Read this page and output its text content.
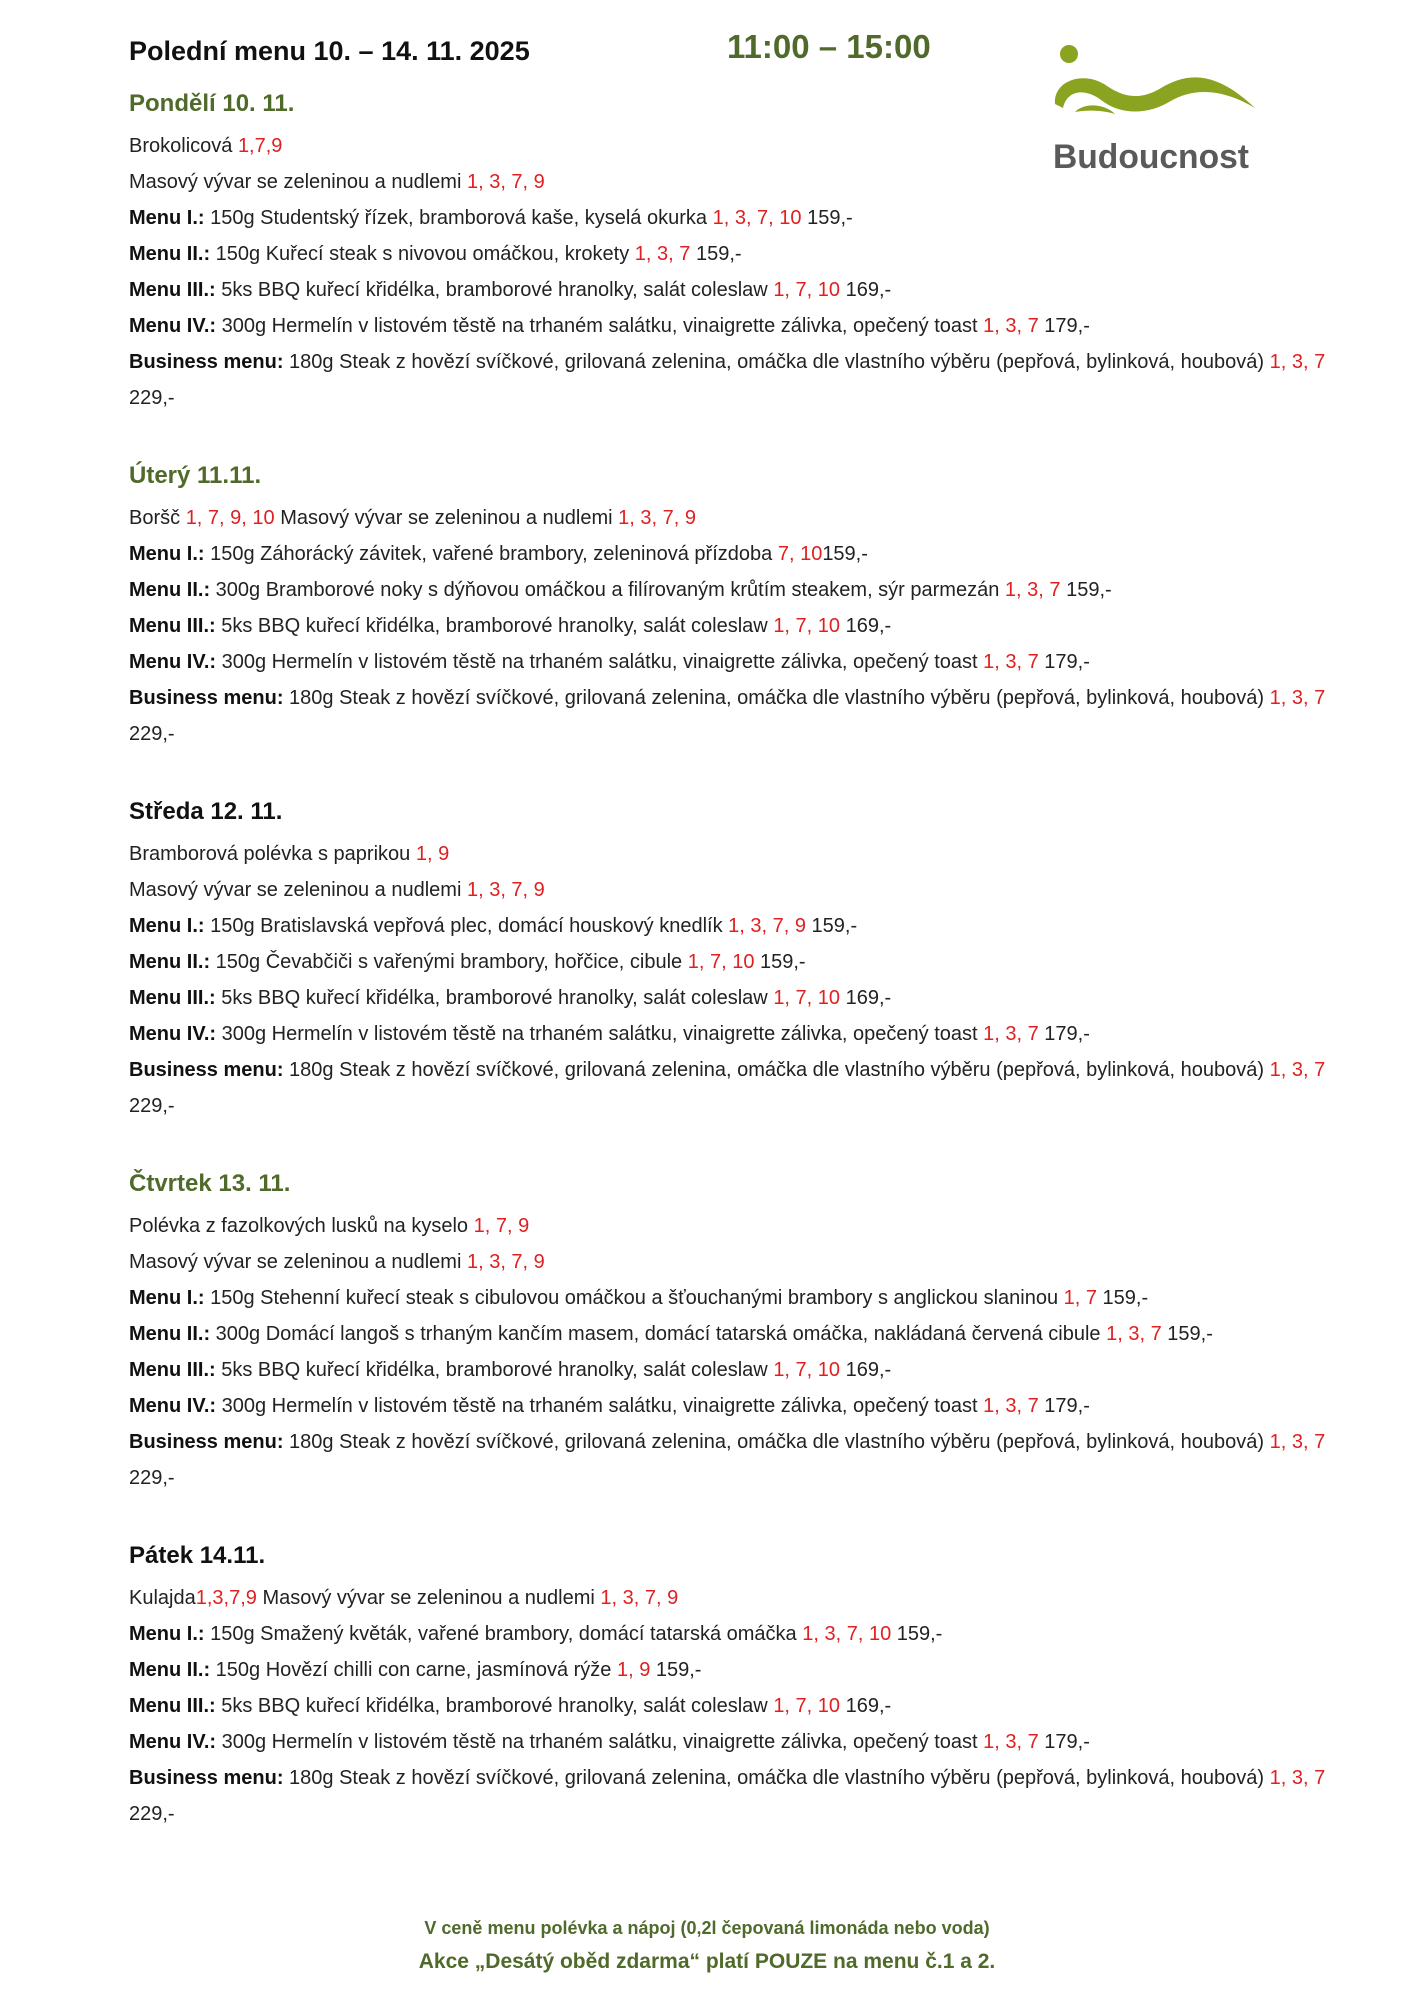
Polední menu 10. – 14. 11. 2025	11:00 – 15:00
Budoucnost
Pondělí 10. 11.
Brokolicová 1,7,9
Masový vývar se zeleninou a nudlemi 1, 3, 7, 9
Menu I.: 150g Studentský řízek, bramborová kaše, kyselá okurka 1, 3, 7, 10 159,-
Menu II.: 150g Kuřecí steak s nivovou omáčkou, krokety 1, 3, 7 159,-
Menu III.: 5ks BBQ kuřecí křidélka, bramborové hranolky, salát coleslaw 1, 7, 10 169,-
Menu IV.: 300g Hermelín v listovém těstě na trhaném salátku, vinaigrette zálivka, opečený toast 1, 3, 7 179,-
Business menu: 180g Steak z hovězí svíčkové, grilovaná zelenina, omáčka dle vlastního výběru (pepřová, bylinková, houbová) 1, 3, 7 229,-
Úterý 11.11.
Boršč 1, 7, 9, 10 Masový vývar se zeleninou a nudlemi 1, 3, 7, 9
Menu I.: 150g Záhorácký závitek, vařené brambory, zeleninová přízdoba 7, 10159,-
Menu II.: 300g Bramborové noky s dýňovou omáčkou a filírovaným krůtím steakem, sýr parmezán 1, 3, 7 159,-
Menu III.: 5ks BBQ kuřecí křidélka, bramborové hranolky, salát coleslaw 1, 7, 10 169,-
Menu IV.: 300g Hermelín v listovém těstě na trhaném salátku, vinaigrette zálivka, opečený toast 1, 3, 7 179,-
Business menu: 180g Steak z hovězí svíčkové, grilovaná zelenina, omáčka dle vlastního výběru (pepřová, bylinková, houbová) 1, 3, 7 229,-
Středa 12. 11.
Bramborová polévka s paprikou 1, 9
Masový vývar se zeleninou a nudlemi 1, 3, 7, 9
Menu I.: 150g Bratislavská vepřová plec, domácí houskový knedlík 1, 3, 7, 9 159,-
Menu II.: 150g Čevabčiči s vařenými brambory, hořčice, cibule 1, 7, 10 159,-
Menu III.: 5ks BBQ kuřecí křidélka, bramborové hranolky, salát coleslaw 1, 7, 10 169,-
Menu IV.: 300g Hermelín v listovém těstě na trhaném salátku, vinaigrette zálivka, opečený toast 1, 3, 7 179,-
Business menu: 180g Steak z hovězí svíčkové, grilovaná zelenina, omáčka dle vlastního výběru (pepřová, bylinková, houbová) 1, 3, 7 229,-
Čtvrtek 13. 11.
Polévka z fazolkových lusků na kyselo 1, 7, 9
Masový vývar se zeleninou a nudlemi 1, 3, 7, 9
Menu I.: 150g Stehenní kuřecí steak s cibulovou omáčkou a šťouchanými brambory s anglickou slaninou 1, 7 159,-
Menu II.: 300g Domácí langoš s trhaným kančím masem, domácí tatarská omáčka, nakládaná červená cibule 1, 3, 7 159,-
Menu III.: 5ks BBQ kuřecí křidélka, bramborové hranolky, salát coleslaw 1, 7, 10 169,-
Menu IV.: 300g Hermelín v listovém těstě na trhaném salátku, vinaigrette zálivka, opečený toast 1, 3, 7 179,-
Business menu: 180g Steak z hovězí svíčkové, grilovaná zelenina, omáčka dle vlastního výběru (pepřová, bylinková, houbová) 1, 3, 7 229,-
Pátek 14.11.
Kulajda1,3,7,9 Masový vývar se zeleninou a nudlemi 1, 3, 7, 9
Menu I.: 150g Smažený květák, vařené brambory, domácí tatarská omáčka 1, 3, 7, 10 159,-
Menu II.: 150g Hovězí chilli con carne, jasmínová rýže 1, 9 159,-
Menu III.: 5ks BBQ kuřecí křidélka, bramborové hranolky, salát coleslaw 1, 7, 10 169,-
Menu IV.: 300g Hermelín v listovém těstě na trhaném salátku, vinaigrette zálivka, opečený toast 1, 3, 7 179,-
Business menu: 180g Steak z hovězí svíčkové, grilovaná zelenina, omáčka dle vlastního výběru (pepřová, bylinková, houbová) 1, 3, 7 229,-
V ceně menu polévka a nápoj (0,2l čepovaná limonáda nebo voda)
Akce „Desátý oběd zdarma“ platí POUZE na menu č.1 a 2.
